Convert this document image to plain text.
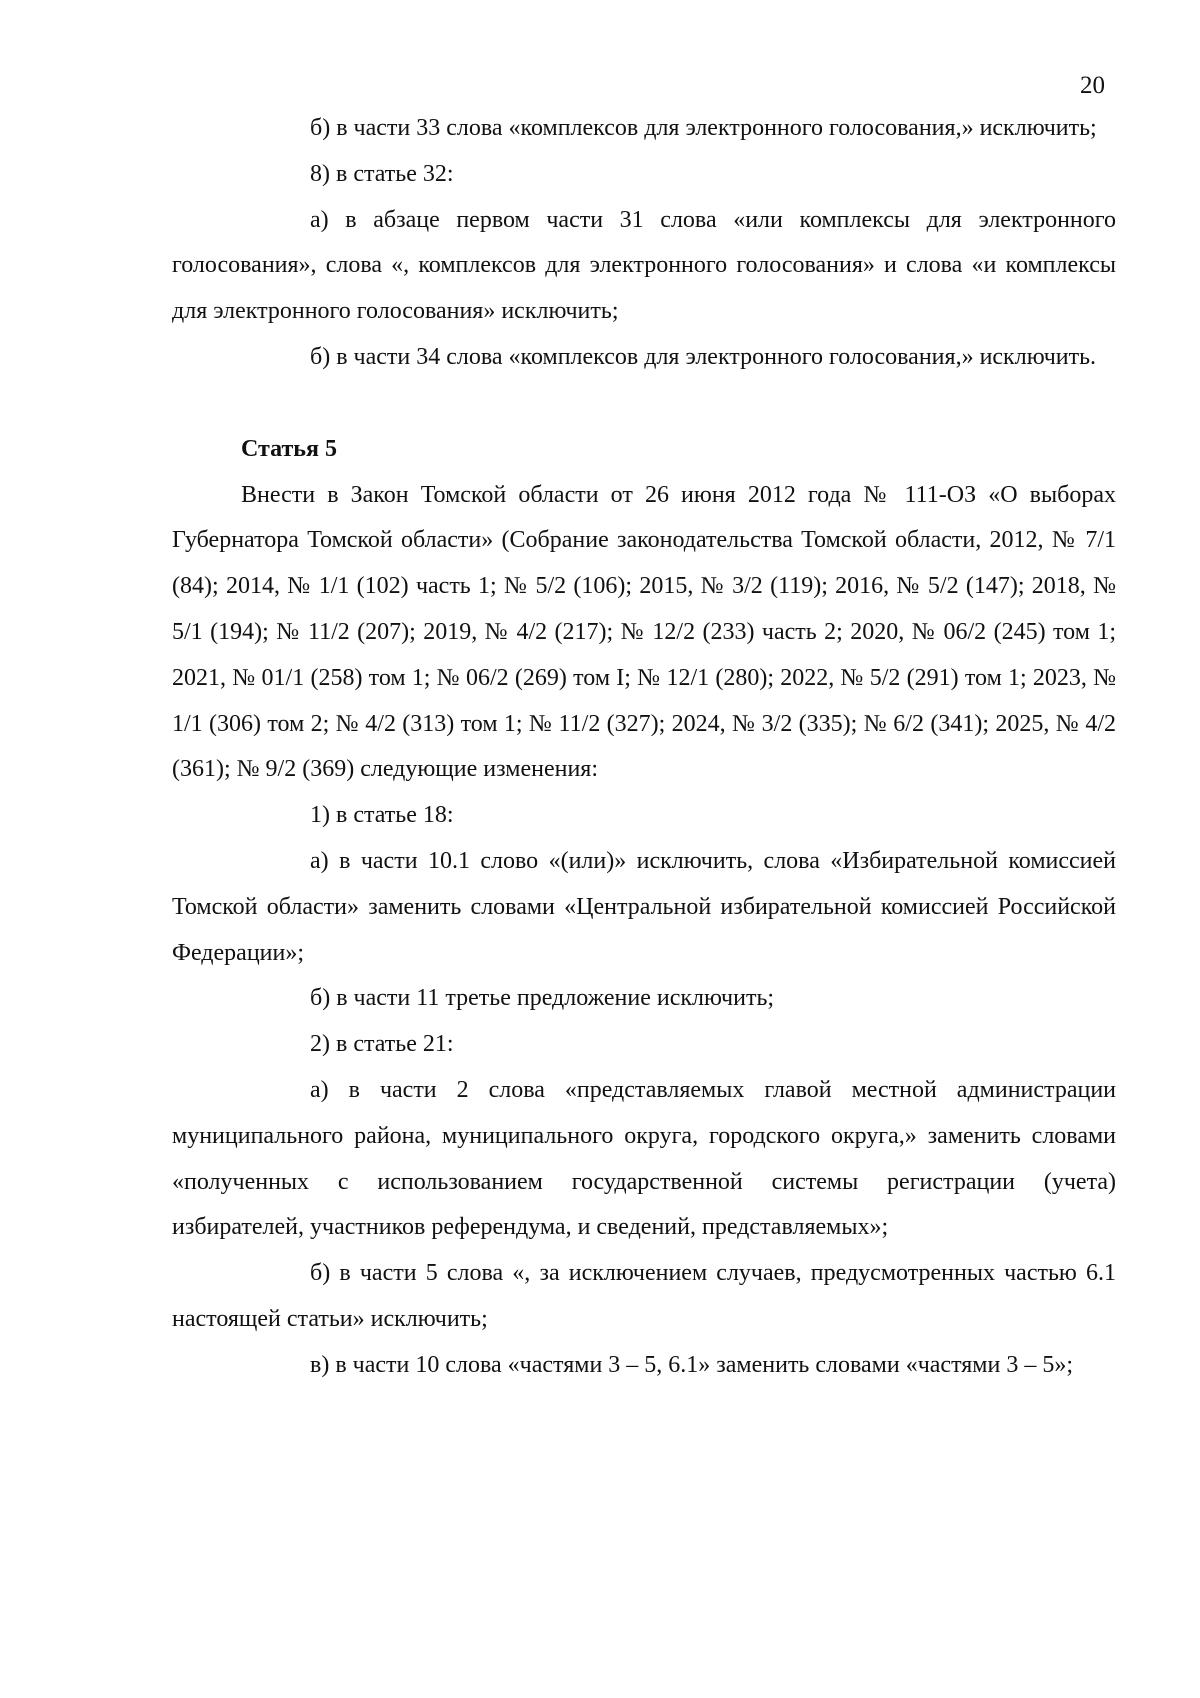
20

б) в части 33 слова «комплексов для электронного голосования,» исключить;

8) в статье 32:

а) в абзаце первом части 31 слова «или комплексы для электронного голосования», слова «, комплексов для электронного голосования» и слова «и комплексы для электронного голосования» исключить;

б) в части 34 слова «комплексов для электронного голосования,» исключить.

Статья 5

Внести в Закон Томской области от 26 июня 2012 года № 111-ОЗ «О выборах Губернатора Томской области» (Собрание законодательства Томской области, 2012, № 7/1 (84); 2014, № 1/1 (102) часть 1; № 5/2 (106); 2015, № 3/2 (119); 2016, № 5/2 (147); 2018, № 5/1 (194); № 11/2 (207); 2019, № 4/2 (217); № 12/2 (233) часть 2; 2020, № 06/2 (245) том 1; 2021, № 01/1 (258) том 1; № 06/2 (269) том I; № 12/1 (280); 2022, № 5/2 (291) том 1; 2023, № 1/1 (306) том 2; № 4/2 (313) том 1; № 11/2 (327); 2024, № 3/2 (335); № 6/2 (341); 2025, № 4/2 (361); № 9/2 (369) следующие изменения:

1) в статье 18:

а) в части 10.1 слово «(или)» исключить, слова «Избирательной комиссией Томской области» заменить словами «Центральной избирательной комиссией Российской Федерации»;

б) в части 11 третье предложение исключить;

2) в статье 21:

а) в части 2 слова «представляемых главой местной администрации муниципального района, муниципального округа, городского округа,» заменить словами «полученных с использованием государственной системы регистрации (учета) избирателей, участников референдума, и сведений, представляемых»;

б) в части 5 слова «, за исключением случаев, предусмотренных частью 6.1 настоящей статьи» исключить;

в) в части 10 слова «частями 3 – 5, 6.1» заменить словами «частями 3 – 5»;
